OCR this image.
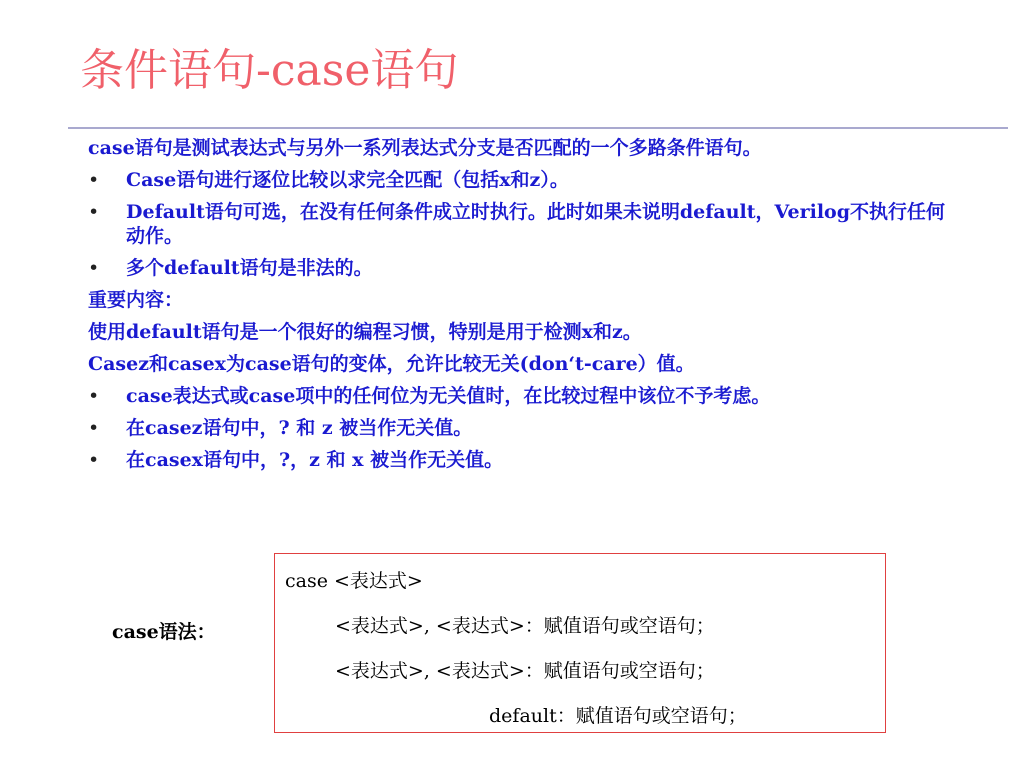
条件语句-case语句
case语句是测试表达式与另外一系列表达式分支是否匹配的一个多路条件语句。
•	Case语句进行逐位比较以求完全匹配（包括x和z）。
•	Default语句可选，在没有任何条件成立时执行。此时如果未说明default，Verilog不执行任何动作。
•	多个default语句是非法的。
重要内容：
使用default语句是一个很好的编程习惯，特别是用于检测x和z。
Casez和casex为case语句的变体，允许比较无关(don‘t-care）值。
•	case表达式或case项中的任何位为无关值时，在比较过程中该位不予考虑。
•	在casez语句中，? 和 z 被当作无关值。
•	在casex语句中，?，z 和 x 被当作无关值。
case语法：
case <表达式>
<表达式>, <表达式>：赋值语句或空语句；
<表达式>, <表达式>：赋值语句或空语句；
default：赋值语句或空语句；
